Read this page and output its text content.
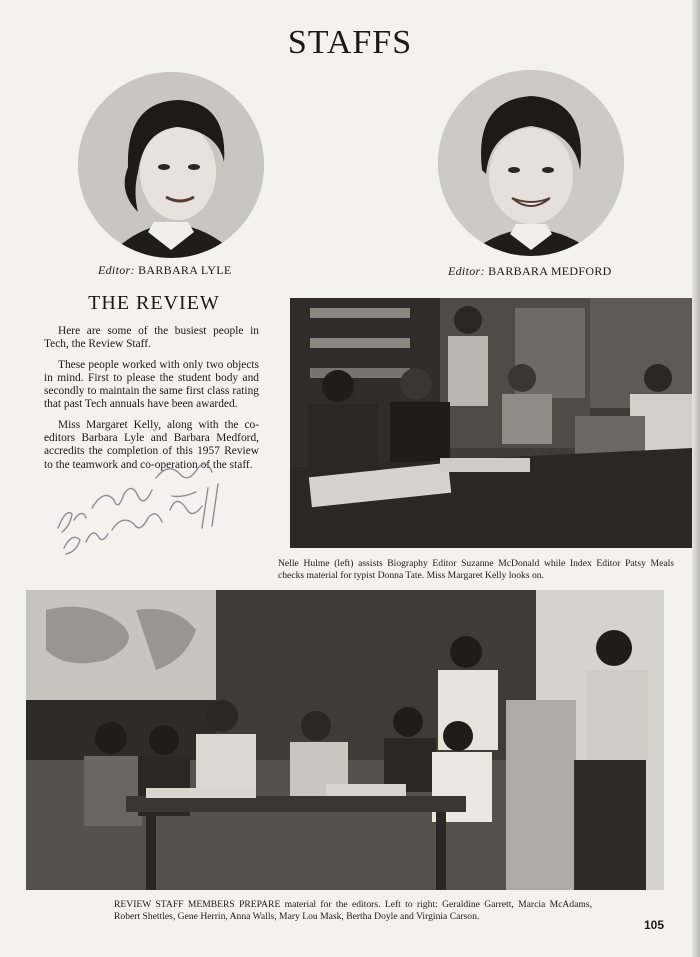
STAFFS
Editor: BARBARA LYLE	Editor: BARBARA MEDFORD
THE REVIEW

Here are some of the busiest people in Tech, the Review Staff.

These people worked with only two objects in mind. First to please the student body and secondly to maintain the same first class rating that past Tech annuals have been awarded.

Miss Margaret Kelly, along with the co-editors Barbara Lyle and Barbara Medford, accredits the completion of this 1957 Review to the teamwork and co-operation of the staff.

Nelle Hulme (left) assists Biography Editor Suzanne McDonald while Index Editor Patsy Meals checks material for typist Donna Tate. Miss Margaret Kelly looks on.
REVIEW STAFF MEMBERS PREPARE material for the editors. Left to right: Geraldine Garrett, Marcia McAdams, Robert Shettles, Gene Herrin, Anna Walls, Mary Lou Mask, Bertha Doyle and Virginia Carson.
105
